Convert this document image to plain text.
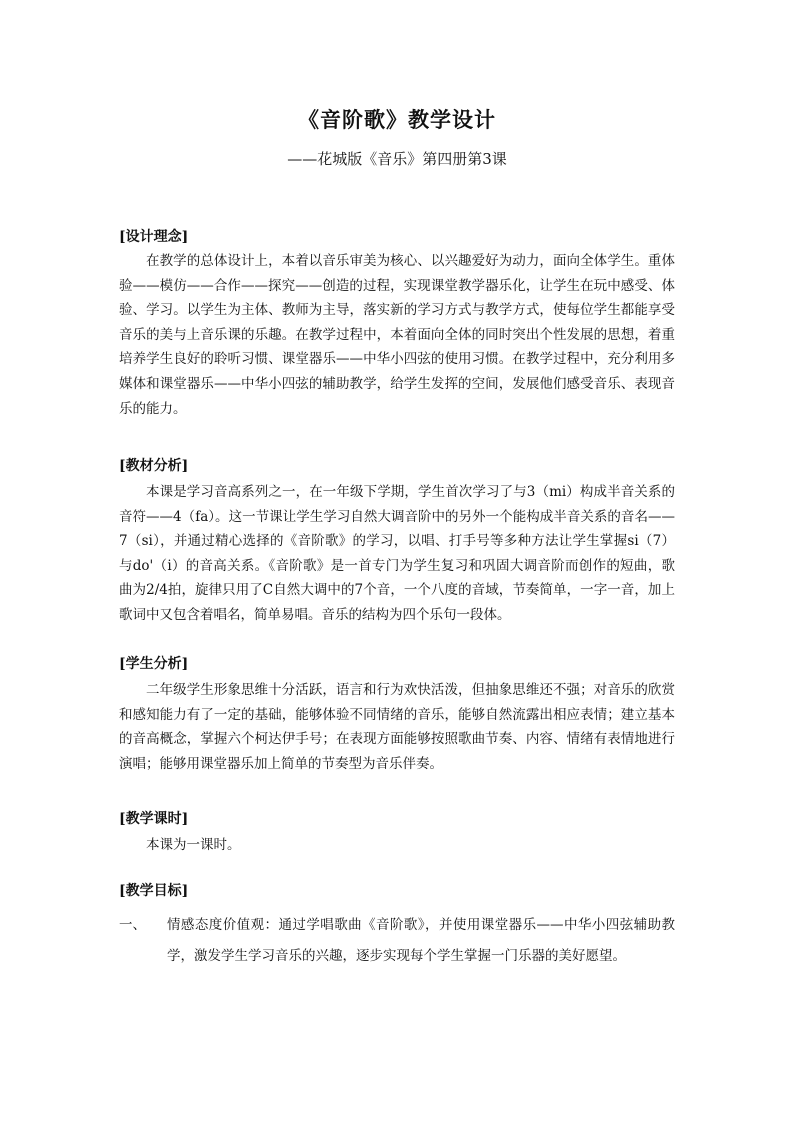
《音阶歌》教学设计
——花城版《音乐》第四册第3课

[设计理念]

在教学的总体设计上，本着以音乐审美为核心、以兴趣爱好为动力，面向全体学生。重体验——模仿——合作——探究——创造的过程，实现课堂教学器乐化，让学生在玩中感受、体验、学习。以学生为主体、教师为主导，落实新的学习方式与教学方式，使每位学生都能享受音乐的美与上音乐课的乐趣。在教学过程中，本着面向全体的同时突出个性发展的思想，着重培养学生良好的聆听习惯、课堂器乐——中华小四弦的使用习惯。在教学过程中，充分利用多媒体和课堂器乐——中华小四弦的辅助教学，给学生发挥的空间，发展他们感受音乐、表现音乐的能力。

[教材分析]

本课是学习音高系列之一，在一年级下学期，学生首次学习了与3（mi）构成半音关系的音符——4（fa）。这一节课让学生学习自然大调音阶中的另外一个能构成半音关系的音名——7（si），并通过精心选择的《音阶歌》的学习，以唱、打手号等多种方法让学生掌握si（7）与do'（i）的音高关系。《音阶歌》是一首专门为学生复习和巩固大调音阶而创作的短曲，歌曲为2/4拍，旋律只用了C自然大调中的7个音，一个八度的音域，节奏简单，一字一音，加上歌词中又包含着唱名，简单易唱。音乐的结构为四个乐句一段体。

[学生分析]

二年级学生形象思维十分活跃，语言和行为欢快活泼，但抽象思维还不强；对音乐的欣赏和感知能力有了一定的基础，能够体验不同情绪的音乐，能够自然流露出相应表情；建立基本的音高概念，掌握六个柯达伊手号；在表现方面能够按照歌曲节奏、内容、情绪有表情地进行演唱；能够用课堂器乐加上简单的节奏型为音乐伴奏。

[教学课时]

本课为一课时。

[教学目标]

一、	情感态度价值观：通过学唱歌曲《音阶歌》，并使用课堂器乐——中华小四弦辅助教学，激发学生学习音乐的兴趣，逐步实现每个学生掌握一门乐器的美好愿望。
